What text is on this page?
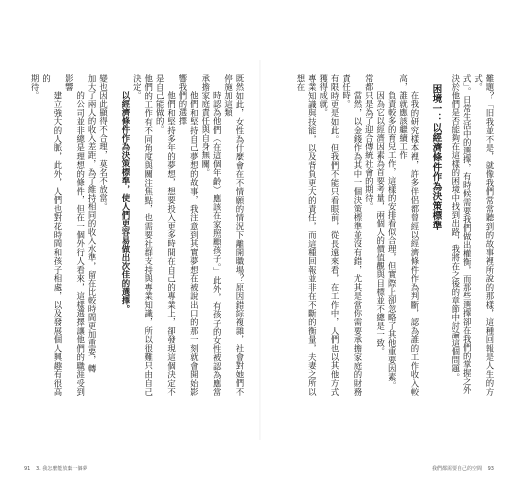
既然如此，女性為什麼會在不情願的情況下離開職場？原因錯綜複雜，社會對她們不停施加這類

時認為他們（在這個年齡）應該在家照顧孩子。」此外，有孩子的女性被認為應當承擔家庭責任與自身無關。

他們和堅持自己夢想的故事，我注意到其實夢想在被說出口的那一刻就會開始影響我們的選擇

他們和堅持多年的夢想，想要投入更多時間在自己的專業上，卻發現這個決定不是自己能做的。

他們的工作有不同角度與關注焦點，也需要社群支持與專業知識，所以很難只由自己決定。

以經濟條件作為決策標準，使人們更容易做出次佳的選擇。

變也因此顯得不合理，莫名不放當。

加大了兩人的收入差距，為了維持相同的收入水準，留在比較時間更加重要，轉

的公司並非總是理想的條件，但在一個外行人看來，這樣選擇讓他們的職涯受到影響

建立強大的人脈，此外，人們也對花時間和孩子相處，以及發展個人興趣有很高的

期待。	難題？「旧我並不是，就像我們常常聽到的故事裡所說的那樣，這種回報是人生的方式。

式」。日常生活中的選擇，有時候需要我們做出權衡，而那些選擇卻在我們的掌握之外

決於他們是否能夠在這樣的困境中找到出路，我將在之後的章節中討論這個問題。

困境一：以經濟條件作為決策標準

在我的研究樣本裡，許多伴侶都曾經以經濟條件作為判斷，認為誰的工作收入較高，誰就應該繼續工作

負責較多的育兒工作，這樣的安排看似合理，但實際上卻忽略了其他重要因素。

因為它以經濟因素為首要考量，兩個人的價值觀與目標並不總是一致。

常都只是為了迎合傳統社會的期待。

當然，以金錢作為其中一個決策標準並沒有錯，尤其是當你需要承擔家庭的財務責任時。

有限時更是如此。但我們不能只看眼前，從長遠來看，在工作中，人們也以其他方式獲得成就。

專業知識與技能，以及背負更大的責任，而這種回報並非在不斷的衡量，夫妻之所以想在

91 3. 我怎麼能放棄一個夢	我們都需要自己的空間 93
